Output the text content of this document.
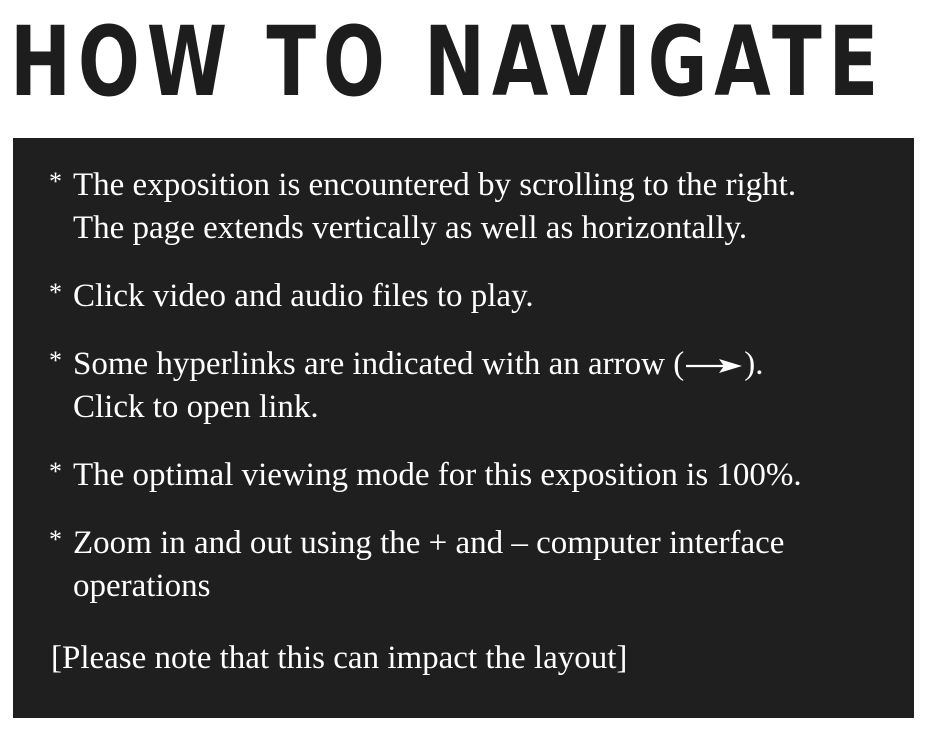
HOW TO NAVIGATE
* The exposition is encountered by scrolling to the right.
The page extends vertically as well as horizontally.
* Click video and audio files to play.
* Some hyperlinks are indicated with an arrow ( ).
Click to open link.
* The optimal viewing mode for this exposition is 100%.
* Zoom in and out using the + and – computer interface
operations
[Please note that this can impact the layout]
